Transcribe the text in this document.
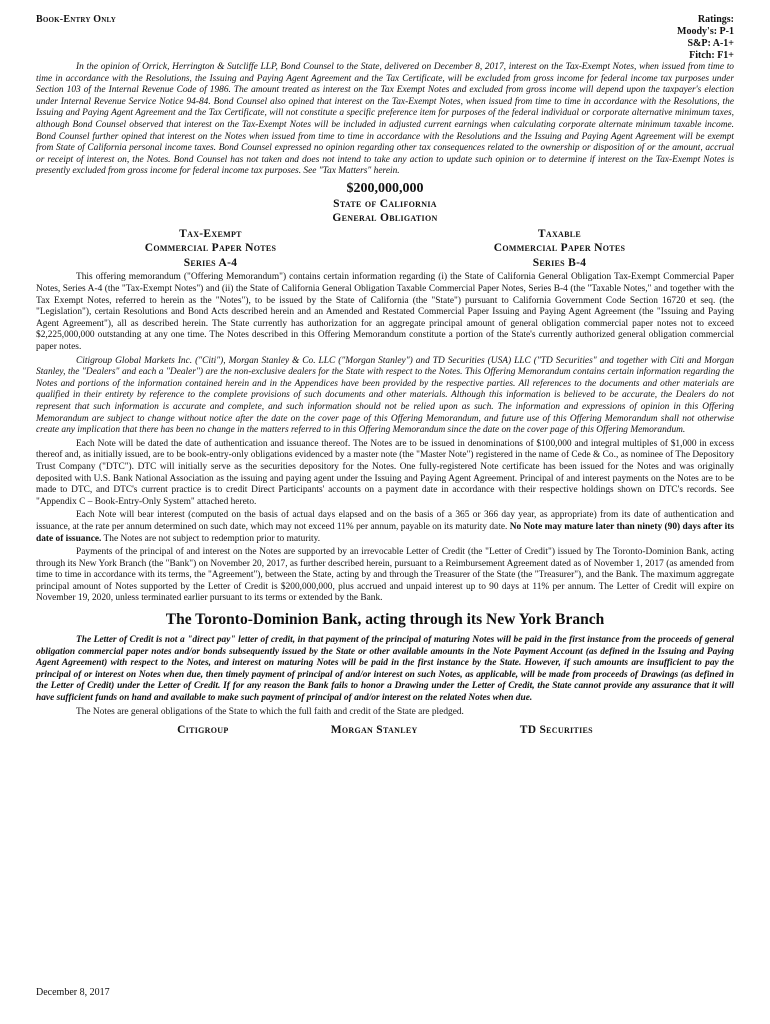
Book-Entry Only	Ratings:
Moody's: P-1
S&P: A-1+
Fitch: F1+

In the opinion of Orrick, Herrington & Sutcliffe LLP, Bond Counsel to the State, delivered on December 8, 2017, interest on the Tax-Exempt Notes, when issued from time to time in accordance with the Resolutions, the Issuing and Paying Agent Agreement and the Tax Certificate, will be excluded from gross income for federal income tax purposes under Section 103 of the Internal Revenue Code of 1986. The amount treated as interest on the Tax Exempt Notes and excluded from gross income will depend upon the taxpayer's election under Internal Revenue Service Notice 94-84. Bond Counsel also opined that interest on the Tax-Exempt Notes, when issued from time to time in accordance with the Resolutions, the Issuing and Paying Agent Agreement and the Tax Certificate, will not constitute a specific preference item for purposes of the federal individual or corporate alternative minimum taxes, although Bond Counsel observed that interest on the Tax-Exempt Notes will be included in adjusted current earnings when calculating corporate alternate minimum taxable income. Bond Counsel further opined that interest on the Notes when issued from time to time in accordance with the Resolutions and the Issuing and Paying Agent Agreement will be exempt from State of California personal income taxes. Bond Counsel expressed no opinion regarding other tax consequences related to the ownership or disposition of or the amount, accrual or receipt of interest on, the Notes. Bond Counsel has not taken and does not intend to take any action to update such opinion or to determine if interest on the Tax-Exempt Notes is presently excluded from gross income for federal income tax purposes. See "Tax Matters" herein.

$200,000,000
State of California
General Obligation
Tax-Exempt
Commercial Paper Notes
Series A-4
Taxable
Commercial Paper Notes
Series B-4

This offering memorandum ("Offering Memorandum") contains certain information regarding (i) the State of California General Obligation Tax-Exempt Commercial Paper Notes, Series A-4 (the "Tax-Exempt Notes") and (ii) the State of California General Obligation Taxable Commercial Paper Notes, Series B-4 (the "Taxable Notes," and together with the Tax Exempt Notes, referred to herein as the "Notes"), to be issued by the State of California (the "State") pursuant to California Government Code Section 16720 et seq. (the "Legislation"), certain Resolutions and Bond Acts described herein and an Amended and Restated Commercial Paper Issuing and Paying Agent Agreement (the "Issuing and Paying Agent Agreement"), all as described herein. The State currently has authorization for an aggregate principal amount of general obligation commercial paper notes not to exceed $2,225,000,000 outstanding at any one time. The Notes described in this Offering Memorandum constitute a portion of the State's currently authorized general obligation commercial paper notes.

Citigroup Global Markets Inc. ("Citi"), Morgan Stanley & Co. LLC ("Morgan Stanley") and TD Securities (USA) LLC ("TD Securities" and together with Citi and Morgan Stanley, the "Dealers" and each a "Dealer") are the non-exclusive dealers for the State with respect to the Notes. This Offering Memorandum contains certain information regarding the Notes and portions of the information contained herein and in the Appendices have been provided by the respective parties. All references to the documents and other materials are qualified in their entirety by reference to the complete provisions of such documents and other materials. Although this information is believed to be accurate, the Dealers do not represent that such information is accurate and complete, and such information should not be relied upon as such. The information and expressions of opinion in this Offering Memorandum are subject to change without notice after the date on the cover page of this Offering Memorandum, and future use of this Offering Memorandum shall not otherwise create any implication that there has been no change in the matters referred to in this Offering Memorandum since the date on the cover page of this Offering Memorandum.

Each Note will be dated the date of authentication and issuance thereof. The Notes are to be issued in denominations of $100,000 and integral multiples of $1,000 in excess thereof and, as initially issued, are to be book-entry-only obligations evidenced by a master note (the "Master Note") registered in the name of Cede & Co., as nominee of The Depository Trust Company ("DTC"). DTC will initially serve as the securities depository for the Notes. One fully-registered Note certificate has been issued for the Notes and was originally deposited with U.S. Bank National Association as the issuing and paying agent under the Issuing and Paying Agent Agreement. Principal of and interest payments on the Notes are to be made to DTC, and DTC's current practice is to credit Direct Participants' accounts on a payment date in accordance with their respective holdings shown on DTC's records. See "Appendix C – Book-Entry-Only System" attached hereto.

Each Note will bear interest (computed on the basis of actual days elapsed and on the basis of a 365 or 366 day year, as appropriate) from its date of authentication and issuance, at the rate per annum determined on such date, which may not exceed 11% per annum, payable on its maturity date. No Note may mature later than ninety (90) days after its date of issuance. The Notes are not subject to redemption prior to maturity.

Payments of the principal of and interest on the Notes are supported by an irrevocable Letter of Credit (the "Letter of Credit") issued by The Toronto-Dominion Bank, acting through its New York Branch (the "Bank") on November 20, 2017, as further described herein, pursuant to a Reimbursement Agreement dated as of November 1, 2017 (as amended from time to time in accordance with its terms, the "Agreement"), between the State, acting by and through the Treasurer of the State (the "Treasurer"), and the Bank. The maximum aggregate principal amount of Notes supported by the Letter of Credit is $200,000,000, plus accrued and unpaid interest up to 90 days at 11% per annum. The Letter of Credit will expire on November 19, 2020, unless terminated earlier pursuant to its terms or extended by the Bank.

The Toronto-Dominion Bank, acting through its New York Branch

The Letter of Credit is not a "direct pay" letter of credit, in that payment of the principal of maturing Notes will be paid in the first instance from the proceeds of general obligation commercial paper notes and/or bonds subsequently issued by the State or other available amounts in the Note Payment Account (as defined in the Issuing and Paying Agent Agreement) with respect to the Notes, and interest on maturing Notes will be paid in the first instance by the State. However, if such amounts are insufficient to pay the principal of or interest on Notes when due, then timely payment of principal of and/or interest on such Notes, as applicable, will be made from proceeds of Drawings (as defined in the Letter of Credit) under the Letter of Credit. If for any reason the Bank fails to honor a Drawing under the Letter of Credit, the State cannot provide any assurance that it will have sufficient funds on hand and available to make such payment of principal of and/or interest on the related Notes when due.

The Notes are general obligations of the State to which the full faith and credit of the State are pledged.

Citigroup	Morgan Stanley	TD Securities
December 8, 2017
